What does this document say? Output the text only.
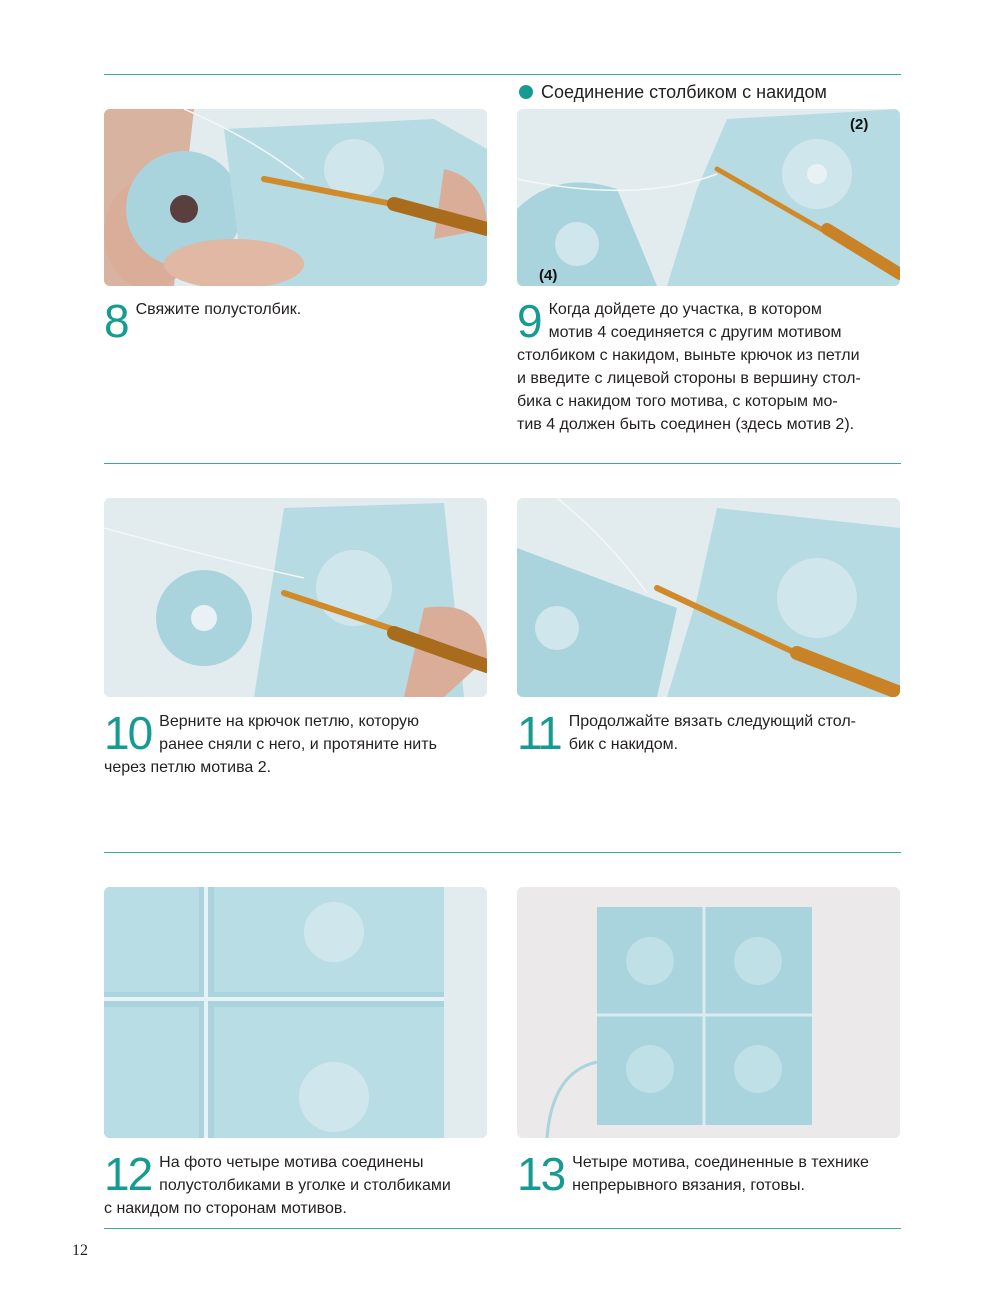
Соединение столбиком с накидом
(2)
(4)
8 Свяжите полустолбик.	9 Когда дойдете до участка, в котором
мотив 4 соединяется с другим мотивом
столбиком с накидом, выньте крючок из петли
и введите с лицевой стороны в вершину стол-
бика с накидом того мотива, с которым мо-
тив 4 должен быть соединен (здесь мотив 2).
10 Верните на крючок петлю, которую
ранее сняли с него, и протяните нить
через петлю мотива 2.
11 Продолжайте вязать следующий стол-
бик с накидом.
12 На фото четыре мотива соединены
полустолбиками в уголке и столбиками
с накидом по сторонам мотивов.
13 Четыре мотива, соединенные в технике
непрерывного вязания, готовы.
12
